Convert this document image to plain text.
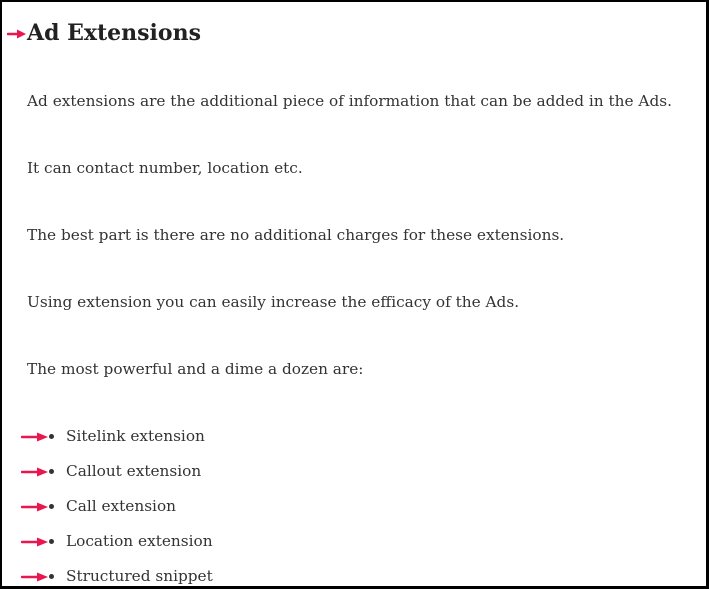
Ad Extensions

Ad extensions are the additional piece of information that can be added in the Ads.

It can contact number, location etc.

The best part is there are no additional charges for these extensions.

Using extension you can easily increase the efficacy of the Ads.

The most powerful and a dime a dozen are:

Sitelink extension
Callout extension
Call extension
Location extension
Structured snippet
